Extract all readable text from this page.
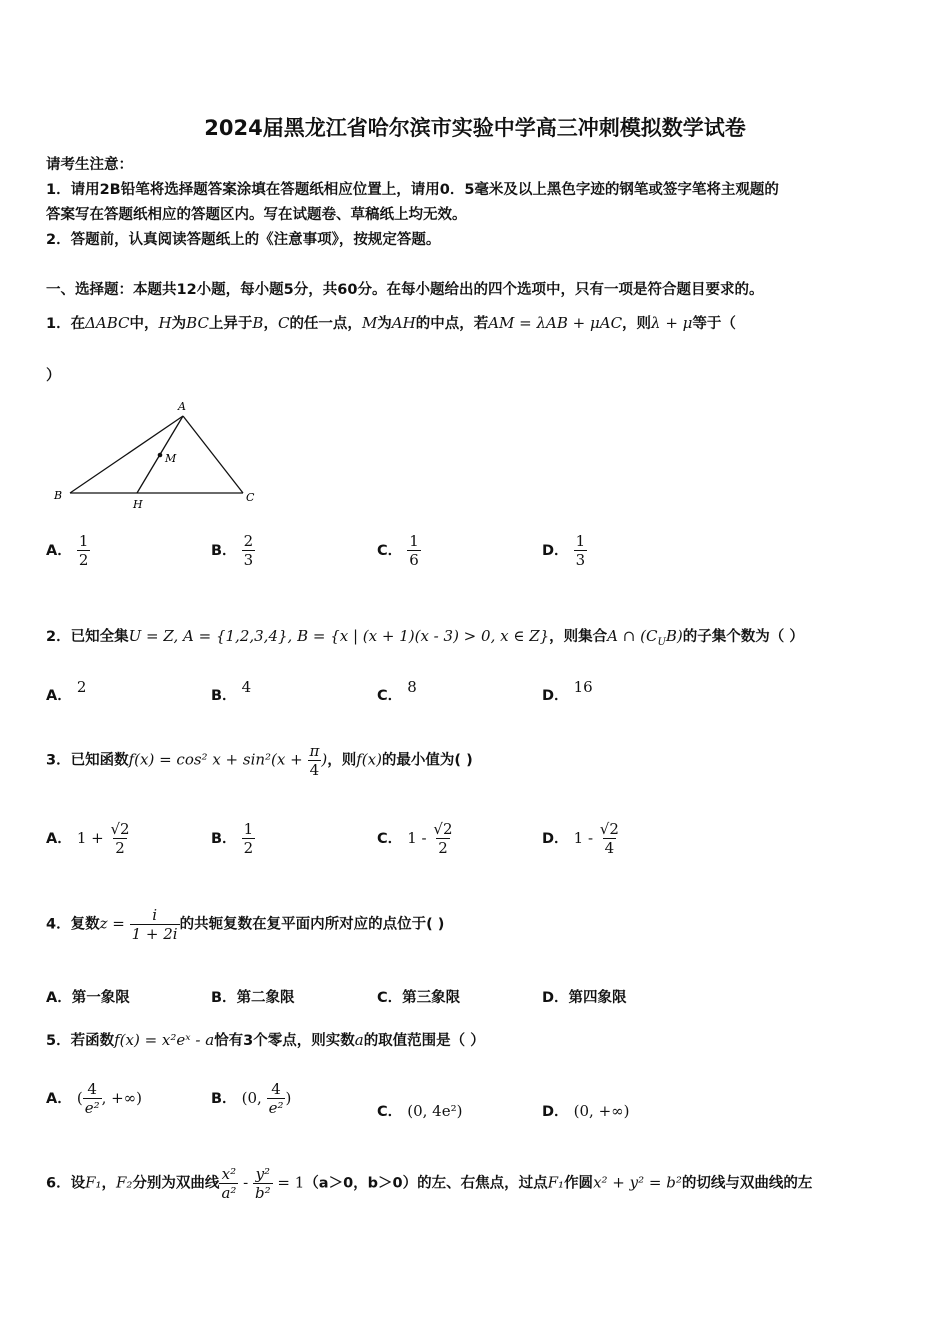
2024届黑龙江省哈尔滨市实验中学高三冲刺模拟数学试卷
请考生注意：
1．请用2B铅笔将选择题答案涂填在答题纸相应位置上，请用0．5毫米及以上黑色字迹的钢笔或签字笔将主观题的
答案写在答题纸相应的答题区内。写在试题卷、草稿纸上均无效。
2．答题前，认真阅读答题纸上的《注意事项》，按规定答题。
一、选择题：本题共12小题，每小题5分，共60分。在每小题给出的四个选项中，只有一项是符合题目要求的。
1．在ΔABC中，H为BC上异于B，C的任一点，M为AH的中点，若AM = λAB + μAC，则λ + μ等于（
）
A
B	C
H
M
A． $\frac{1}{2}$	B． $\frac{2}{3}$	C． $\frac{1}{6}$	D． $\frac{1}{3}$
2．已知全集U = Z, A = {1,2,3,4}, B = {x | (x + 1)(x - 3) > 0, x ∈ Z}，则集合A ∩ $(C_UB)$的子集个数为（ ）
A． 2	B． 4	C． 8	D． 16
3．已知函数f(x) = cos² $x + \sin^2(x + \frac{\pi}{4}$ )，则f(x)的最小值为( )
A． $1 + \frac{√2}{2}$	B． $\frac{1}{2}$	C． $1 - \frac{√2}{2}$	D． $1 - \frac{√2}{4}$
4．复数$z = \frac{i}{1 + 2i}$ 的共轭复数在复平面内所对应的点位于( )
A．第一象限	B．第二象限	C．第三象限	D．第四象限
5．若函数f(x) = x²eˣ - a恰有3个零点，则实数a的取值范围是（ ）
A． ( $\frac{4}{\text{e²}}$ , +∞)	B． (0, $\frac{4}{\text{e²}}$ )
C． (0, 4e²)	D． (0, +∞)
6．设F₁，F₂分别为双曲线 $\frac{\text{x²}}{\text{a²}} - \frac{\text{y²}}{\text{b²}} = 1(a>0$，b＞0）的左、右焦点，过点F₁作圆x² + y² = b²的切线与双曲线的左
